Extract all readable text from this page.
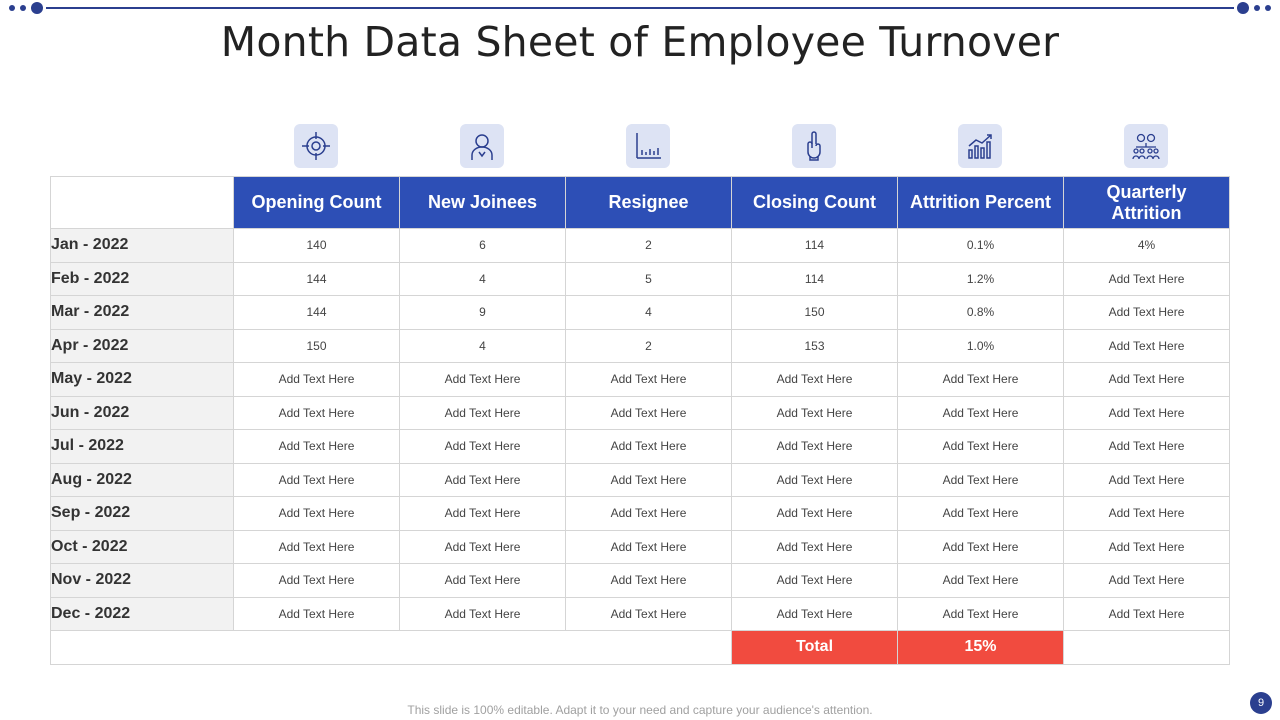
Month Data Sheet of Employee Turnover
	Opening Count	New Joinees	Resignee	Closing Count	Attrition Percent	Quarterly Attrition
Jan - 2022	140	6	2	114	0.1%	4%
Feb - 2022	144	4	5	114	1.2%	Add Text Here
Mar - 2022	144	9	4	150	0.8%	Add Text Here
Apr - 2022	150	4	2	153	1.0%	Add Text Here
May - 2022	Add Text Here	Add Text Here	Add Text Here	Add Text Here	Add Text Here	Add Text Here
Jun - 2022	Add Text Here	Add Text Here	Add Text Here	Add Text Here	Add Text Here	Add Text Here
Jul - 2022	Add Text Here	Add Text Here	Add Text Here	Add Text Here	Add Text Here	Add Text Here
Aug - 2022	Add Text Here	Add Text Here	Add Text Here	Add Text Here	Add Text Here	Add Text Here
Sep - 2022	Add Text Here	Add Text Here	Add Text Here	Add Text Here	Add Text Here	Add Text Here
Oct - 2022	Add Text Here	Add Text Here	Add Text Here	Add Text Here	Add Text Here	Add Text Here
Nov - 2022	Add Text Here	Add Text Here	Add Text Here	Add Text Here	Add Text Here	Add Text Here
Dec - 2022	Add Text Here	Add Text Here	Add Text Here	Add Text Here	Add Text Here	Add Text Here
				Total	15%	
This slide is 100% editable. Adapt it to your need and capture your audience's attention.	9
